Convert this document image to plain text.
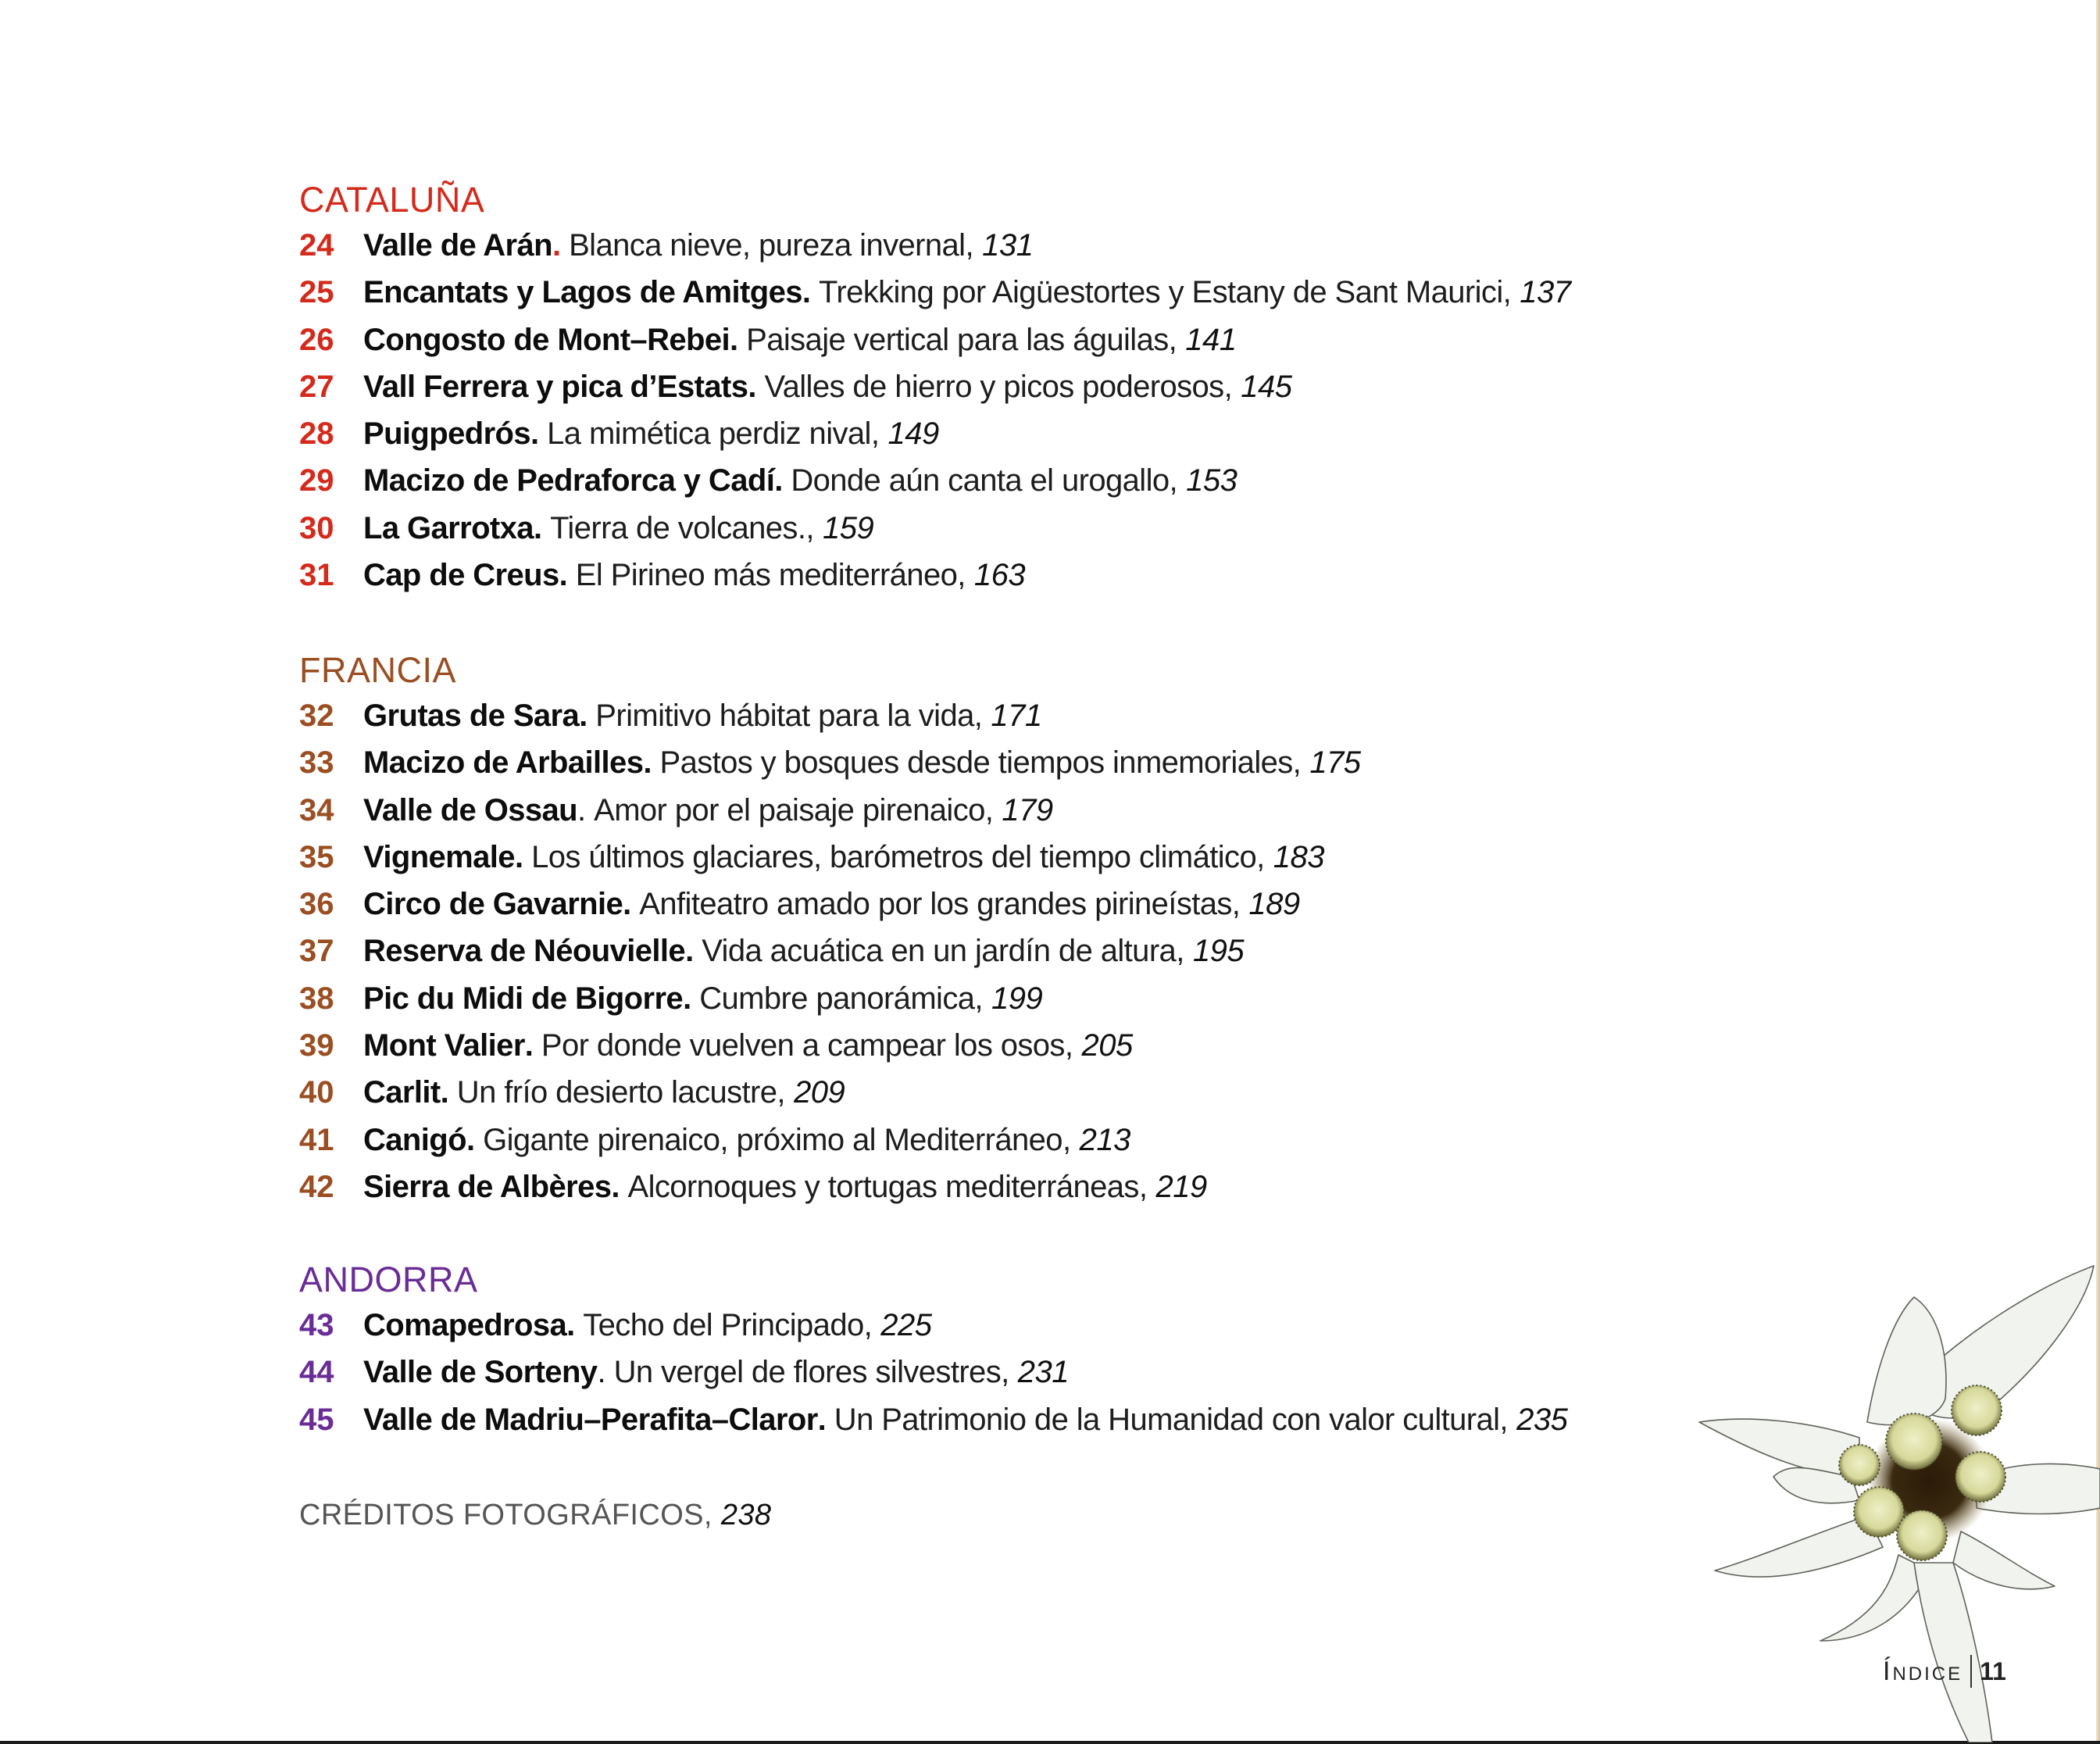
CATALUÑA
24 Valle de Arán . Blanca nieve, pureza invernal,
131
25 Encantats y Lagos de Amitges . Trekking por Aigüestortes y Estany de Sant Maurici,
137
26 Congosto de Mont–Rebei . Paisaje vertical para las águilas,
141
27 Vall Ferrera y pica d’Estats . Valles de hierro y picos poderosos,
145
28 Puigpedrós . La mimética perdiz nival,
149
29 Macizo de Pedraforca y Cadí . Donde aún canta el urogallo,
153
30 La Garrotxa . Tierra de volcanes.,
159
31 Cap de Creus . El Pirineo más mediterráneo,
163
FRANCIA
32 Grutas de Sara . Primitivo hábitat para la vida,
171
33 Macizo de Arbailles . Pastos y bosques desde tiempos inmemoriales,
175
34 Valle de Ossau . Amor por el paisaje pirenaico,
179
35 Vignemale . Los últimos glaciares, barómetros del tiempo climático,
183
36 Circo de Gavarnie . Anfiteatro amado por los grandes pirineístas,
189
37 Reserva de Néouvielle . Vida acuática en un jardín de altura,
195
38 Pic du Midi de Bigorre . Cumbre panorámica,
199
39 Mont Valier . Por donde vuelven a campear los osos,
205
40 Carlit . Un frío desierto lacustre,
209
41 Canigó . Gigante pirenaico, próximo al Mediterráneo,
213
42 Sierra de Albères . Alcornoques y tortugas mediterráneas,
219
ANDORRA
43 Comapedrosa . Techo del Principado,
225
44 Valle de Sorteny . Un vergel de flores silvestres,
231
45 Valle de Madriu–Perafita–Claror . Un Patrimonio de la Humanidad con valor cultural,
235
CRÉDITOS FOTOGRÁFICOS, 238
Índice 11
